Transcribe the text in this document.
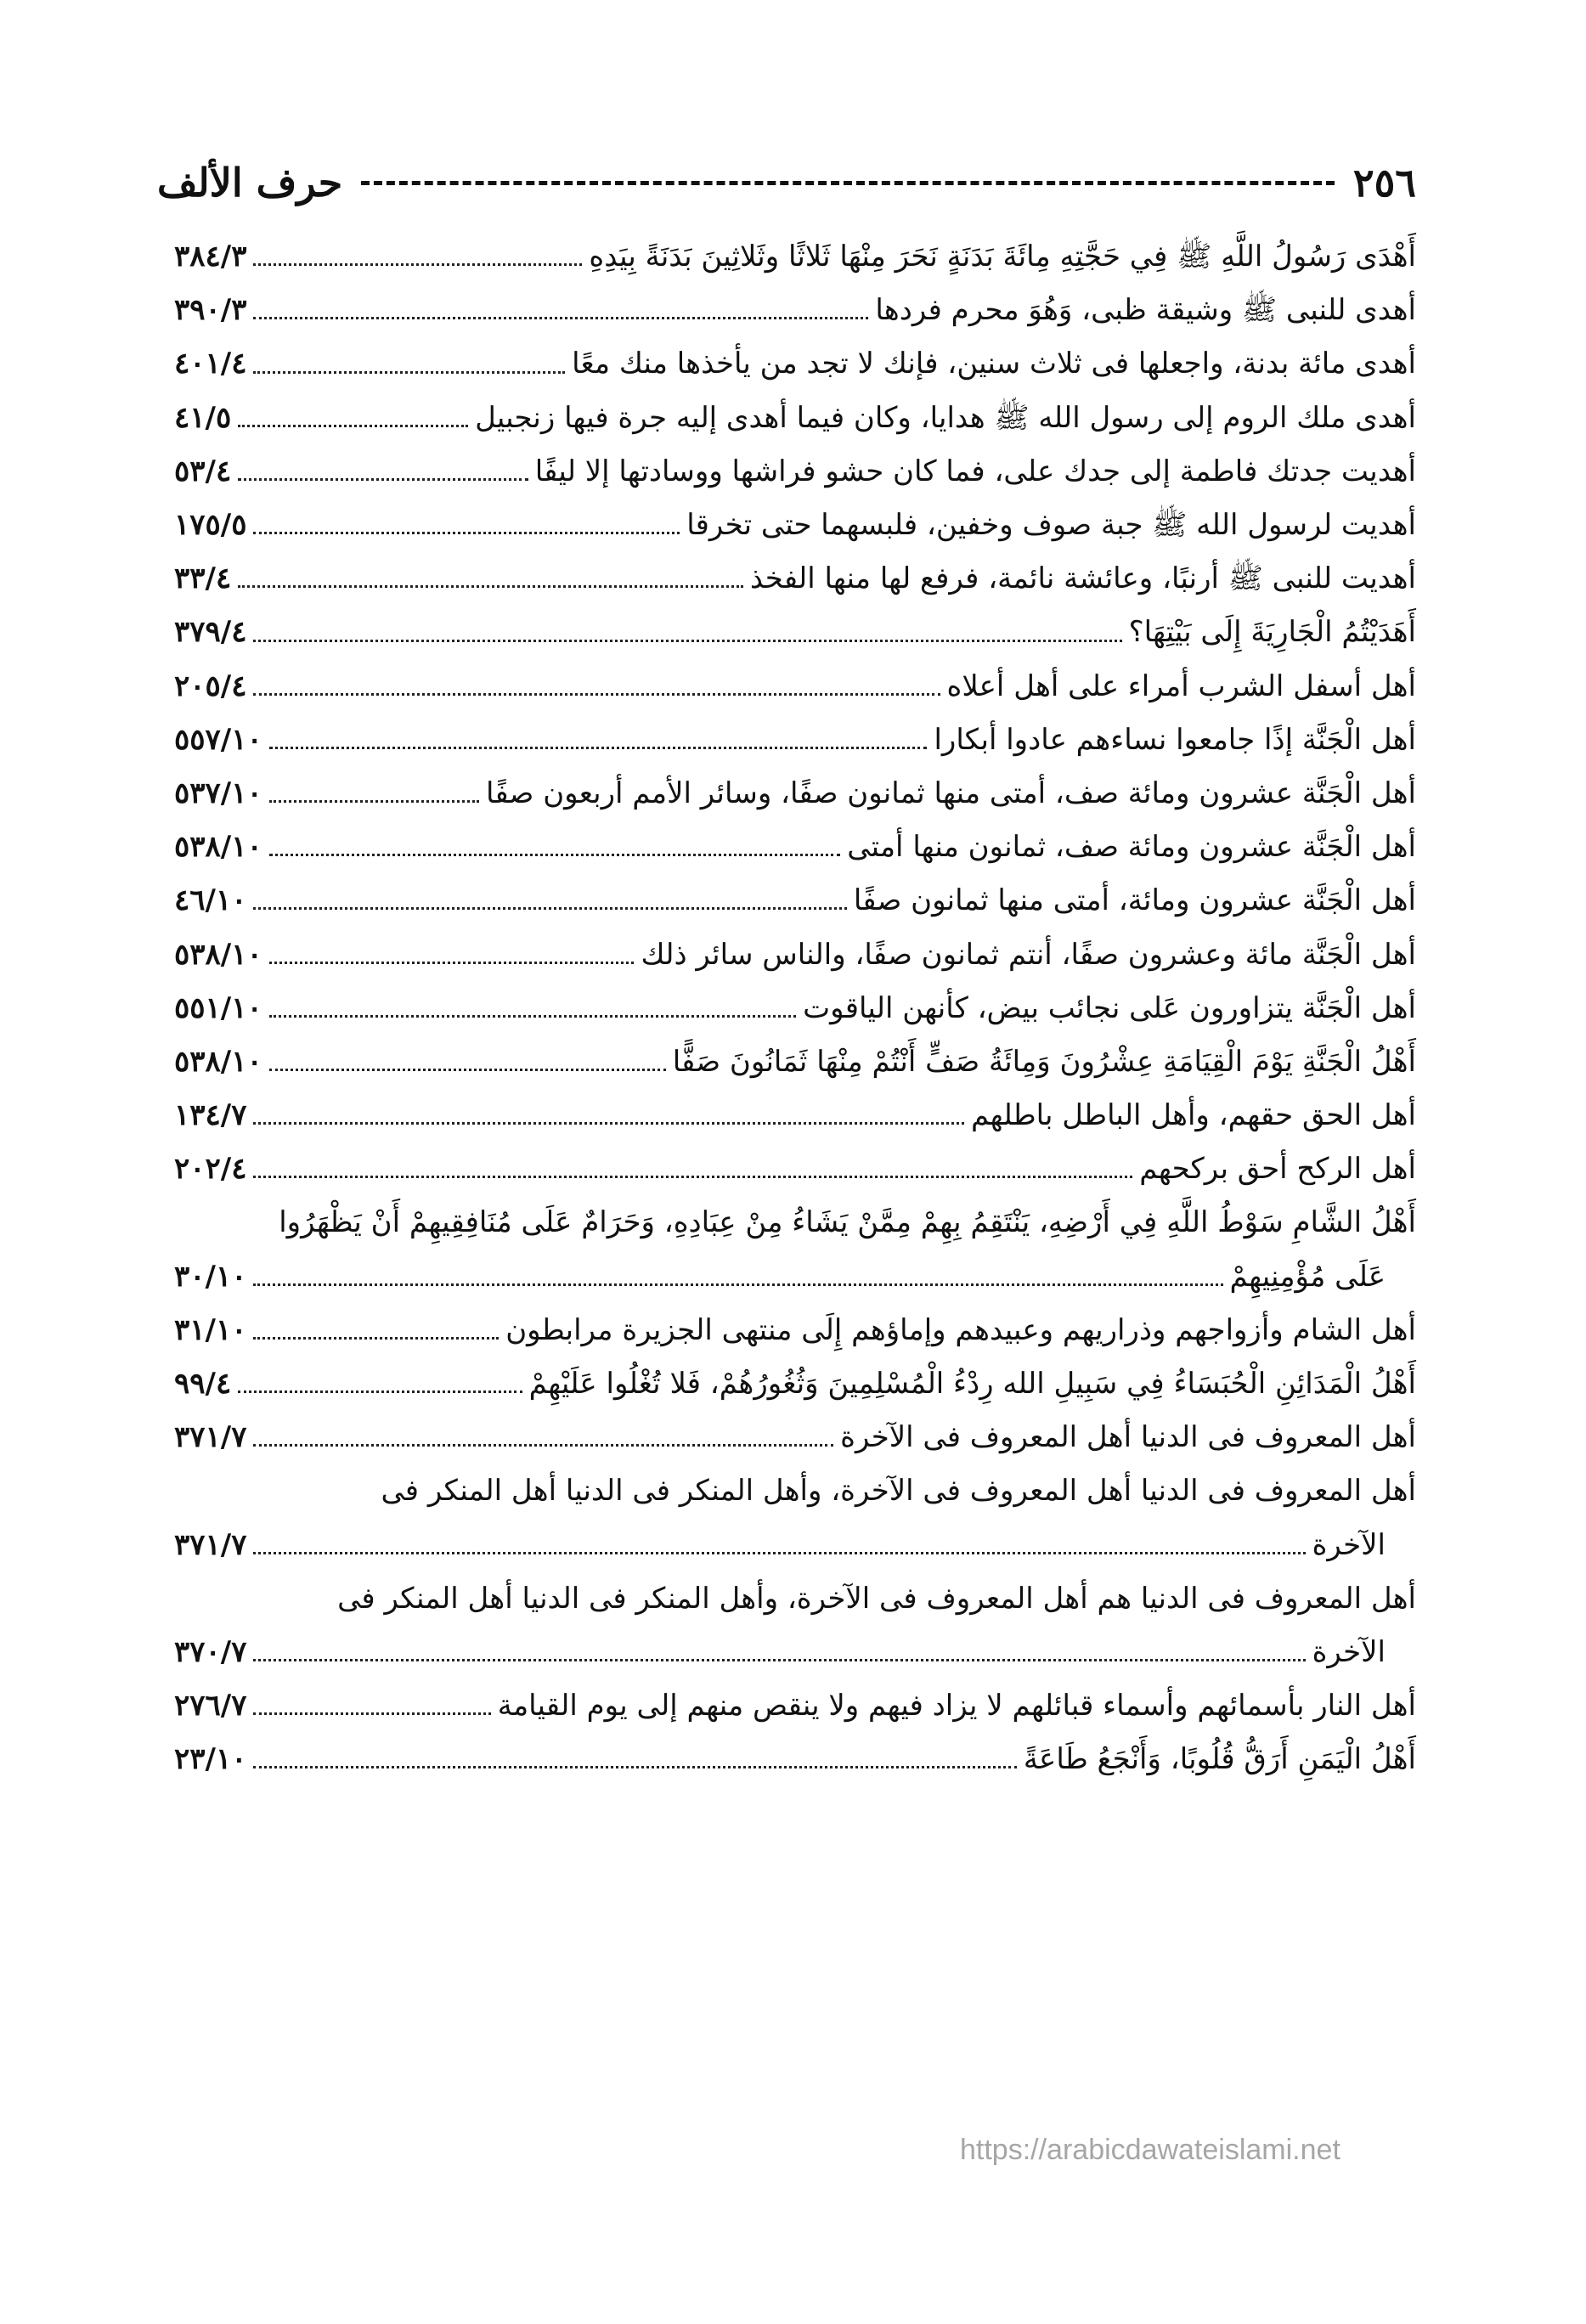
٢٥٦
حرف الألف
أَهْدَى رَسُولُ اللَّهِ ﷺ فِي حَجَّتِهِ مِائَةَ بَدَنَةٍ نَحَرَ مِنْهَا ثَلاثًا وثَلاثِينَ بَدَنَةً بِيَدِهِ
٣٨٤/٣
أهدى للنبى ﷺ وشيقة ظبى، وَهُوَ محرم فردها
٣٩٠/٣
أهدى مائة بدنة، واجعلها فى ثلاث سنين، فإنك لا تجد من يأخذها منك معًا
٤٠١/٤
أهدى ملك الروم إلى رسول الله ﷺ هدايا، وكان فيما أهدى إليه جرة فيها زنجبيل
٤١/٥
أهديت جدتك فاطمة إلى جدك على، فما كان حشو فراشها ووسادتها إلا ليفًا
٥٣/٤
أهديت لرسول الله ﷺ جبة صوف وخفين، فلبسهما حتى تخرقا
١٧٥/٥
أهديت للنبى ﷺ أرنبًا، وعائشة نائمة، فرفع لها منها الفخذ
٣٣/٤
أَهَدَيْتُمُ الْجَارِيَةَ إِلَى بَيْتِهَا؟
٣٧٩/٤
أهل أسفل الشرب أمراء على أهل أعلاه
٢٠٥/٤
أهل الْجَنَّة إذًا جامعوا نساءهم عادوا أبكارا
٥٥٧/١٠
أهل الْجَنَّة عشرون ومائة صف، أمتى منها ثمانون صفًا، وسائر الأمم أربعون صفًا
٥٣٧/١٠
أهل الْجَنَّة عشرون ومائة صف، ثمانون منها أمتى
٥٣٨/١٠
أهل الْجَنَّة عشرون ومائة، أمتى منها ثمانون صفًا
٤٦/١٠
أهل الْجَنَّة مائة وعشرون صفًا، أنتم ثمانون صفًا، والناس سائر ذلك
٥٣٨/١٠
أهل الْجَنَّة يتزاورون عَلى نجائب بيض، كأنهن الياقوت
٥٥١/١٠
أَهْلُ الْجَنَّةِ يَوْمَ الْقِيَامَةِ عِشْرُونَ وَمِائَةُ صَفٍّ أَنْتُمْ مِنْهَا ثَمَانُونَ صَفًّا
٥٣٨/١٠
أهل الحق حقهم، وأهل الباطل باطلهم
١٣٤/٧
أهل الركح أحق بركحهم
٢٠٢/٤
أَهْلُ الشَّامِ سَوْطُ اللَّهِ فِي أَرْضِهِ، يَنْتَقِمُ بِهِمْ مِمَّنْ يَشَاءُ مِنْ عِبَادِهِ، وَحَرَامٌ عَلَى مُنَافِقِيهِمْ أَنْ يَظْهَرُوا
عَلَى مُؤْمِنِيهِمْ
٣٠/١٠
أهل الشام وأزواجهم وذراريهم وعبيدهم وإماؤهم إِلَى منتهى الجزيرة مرابطون
٣١/١٠
أَهْلُ الْمَدَائِنِ الْحُبَسَاءُ فِي سَبِيلِ الله رِدْءُ الْمُسْلِمِينَ وَثُغُورُهُمْ، فَلا تُغْلُوا عَلَيْهِمْ
٩٩/٤
أهل المعروف فى الدنيا أهل المعروف فى الآخرة
٣٧١/٧
أهل المعروف فى الدنيا أهل المعروف فى الآخرة، وأهل المنكر فى الدنيا أهل المنكر فى
الآخرة
٣٧١/٧
أهل المعروف فى الدنيا هم أهل المعروف فى الآخرة، وأهل المنكر فى الدنيا أهل المنكر فى
الآخرة
٣٧٠/٧
أهل النار بأسمائهم وأسماء قبائلهم لا يزاد فيهم ولا ينقص منهم إلى يوم القيامة
٢٧٦/٧
أَهْلُ الْيَمَنِ أَرَقُّ قُلُوبًا، وَأَنْجَعُ طَاعَةً
٢٣/١٠
https://arabicdawateislami.net
